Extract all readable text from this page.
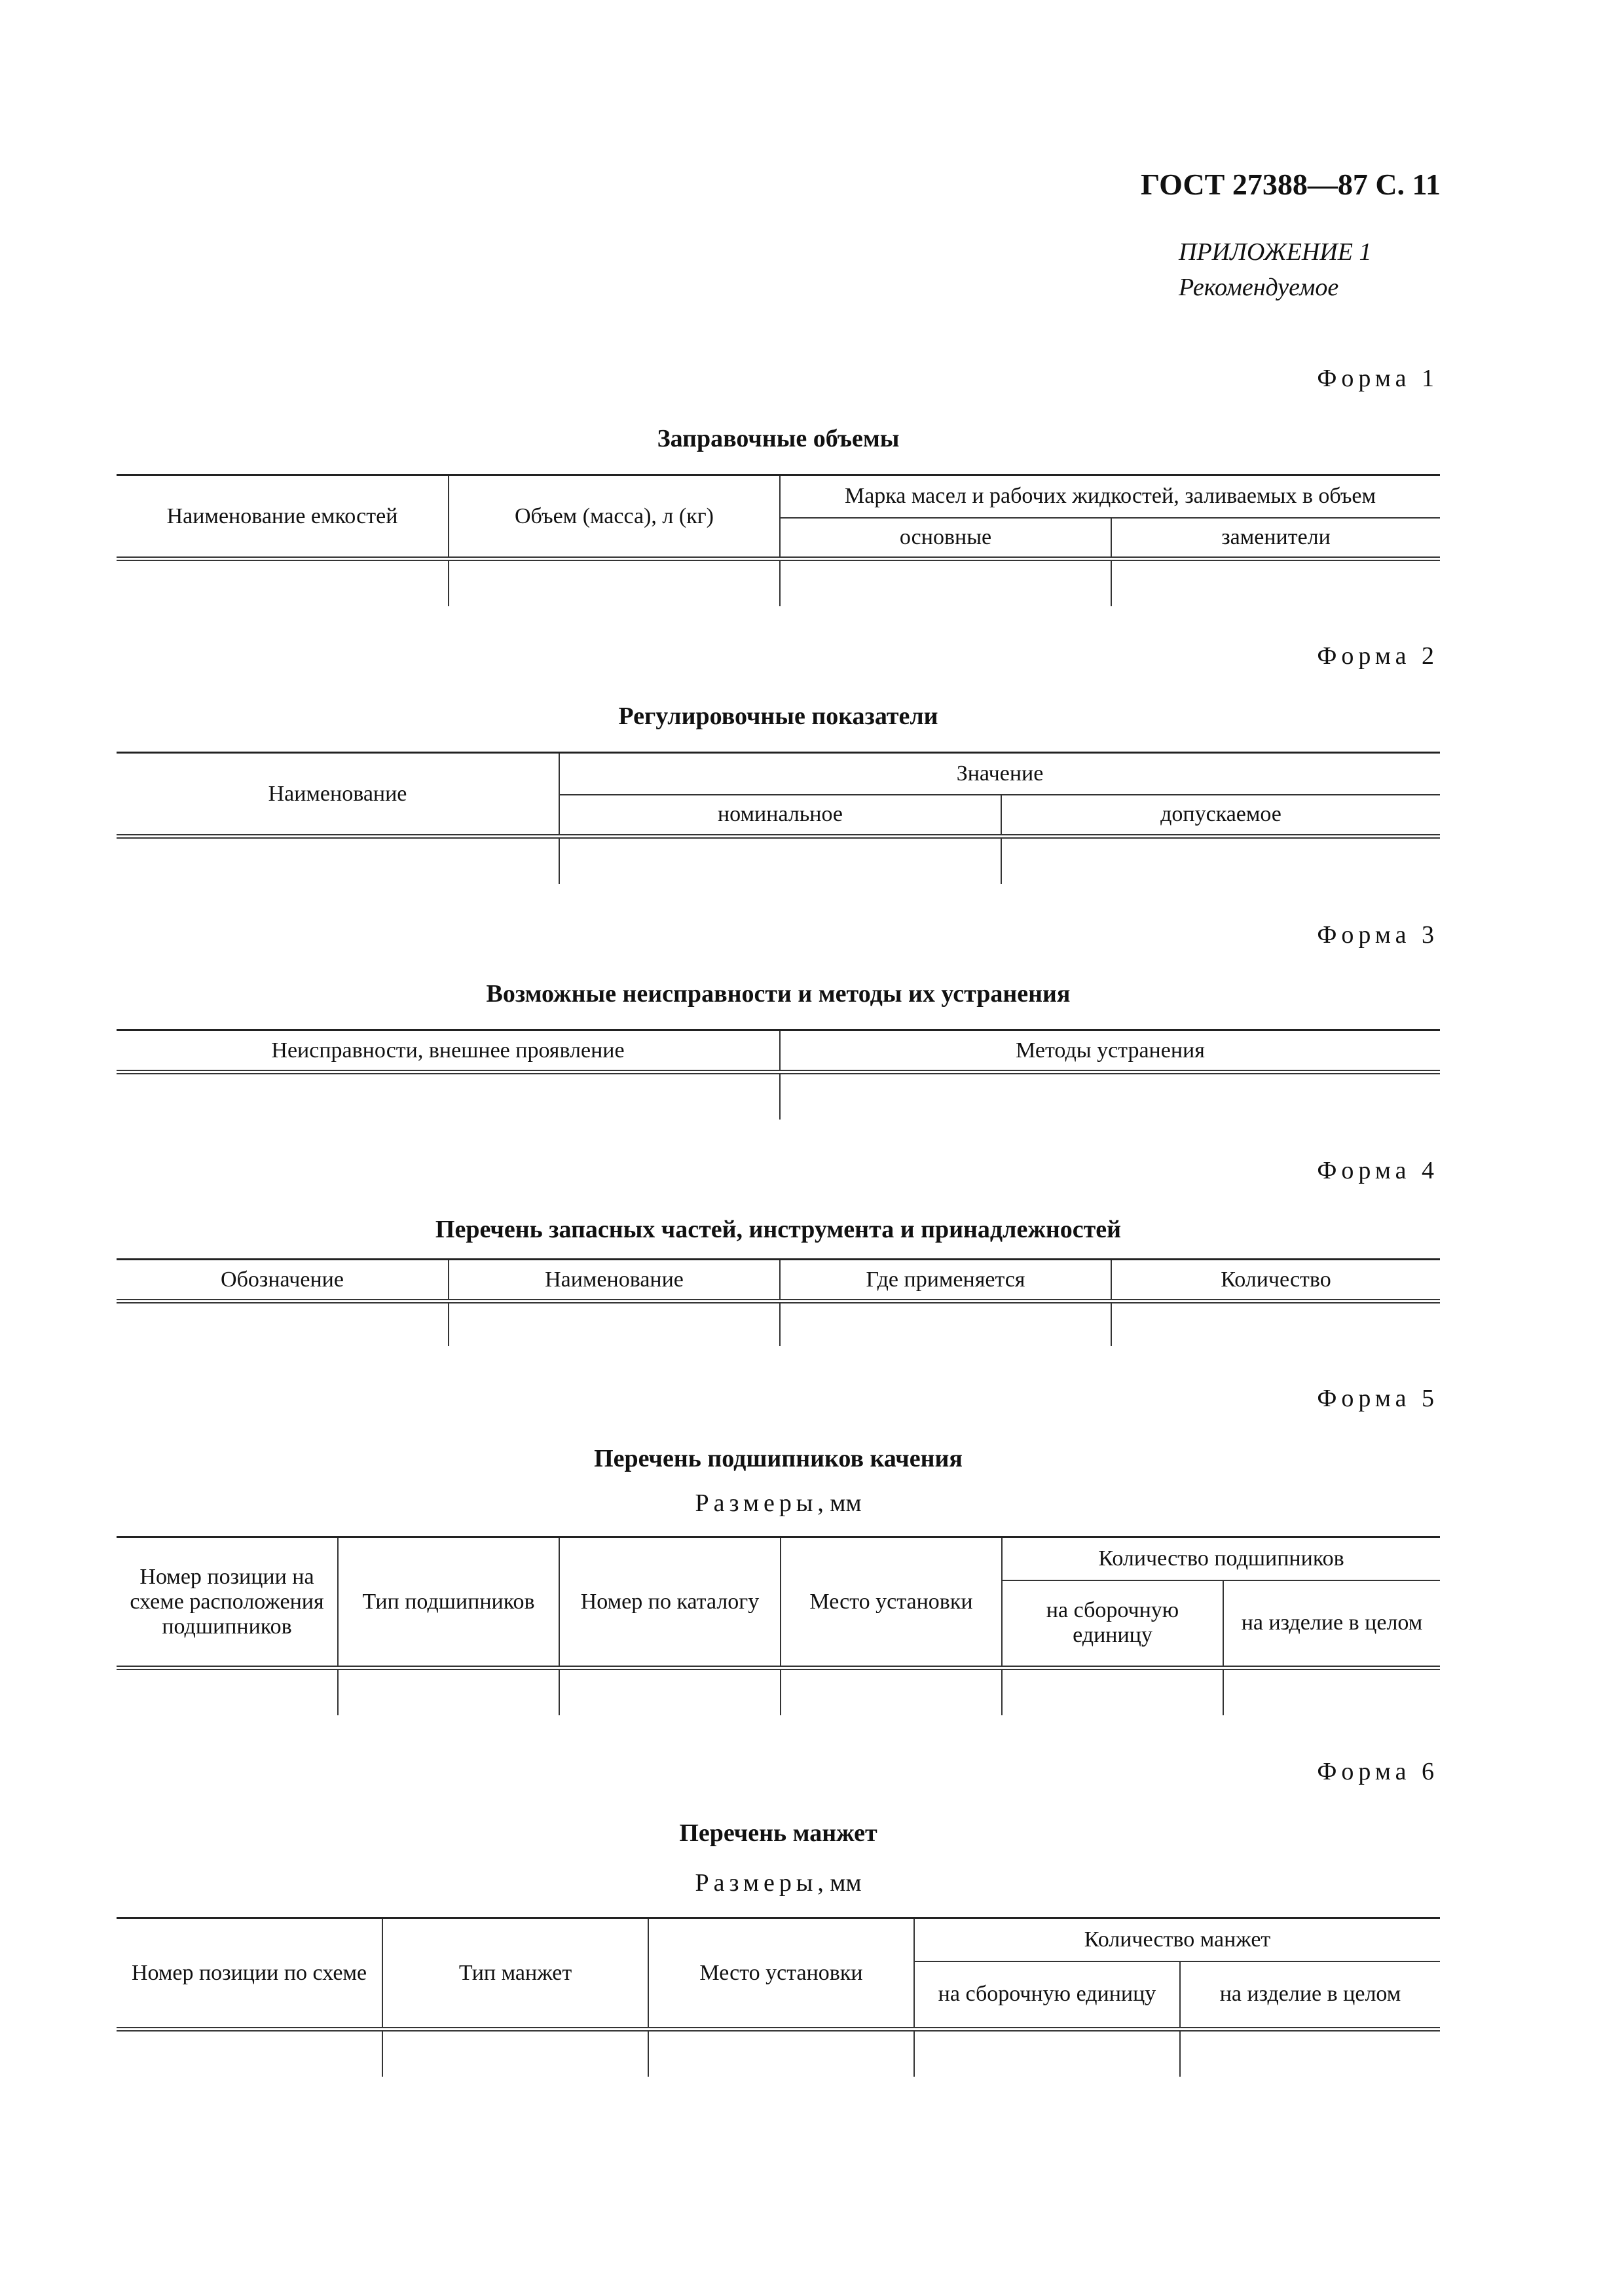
ГОСТ 27388—87 С. 11
ПРИЛОЖЕНИЕ 1
Рекомендуемое
Форма 1
Заправочные объемы
Наименование емкостей	Объем (масса), л (кг)	Марка масел и рабочих жидкостей, заливаемых в объем	
		основные	заменители

Форма 2
Регулировочные показатели
Наименование	Значение	
	номинальное	допускаемое

Форма 3
Возможные неисправности и методы их устранения
Неисправности, внешнее проявление	Методы устранения

Форма 4
Перечень запасных частей, инструмента и принадлежностей
Обозначение	Наименование	Где применяется	Количество

Форма 5
Перечень подшипников качения
Размеры, мм
Номер позиции на схеме расположения подшипников	Тип подшипников	Номер по каталогу	Место установки	Количество подшипников	
				на сборочную единицу	на изделие в целом

Форма 6
Перечень манжет
Размеры, мм
Номер позиции по схеме	Тип манжет	Место установки	Количество манжет	
			на сборочную единицу	на изделие в целом
